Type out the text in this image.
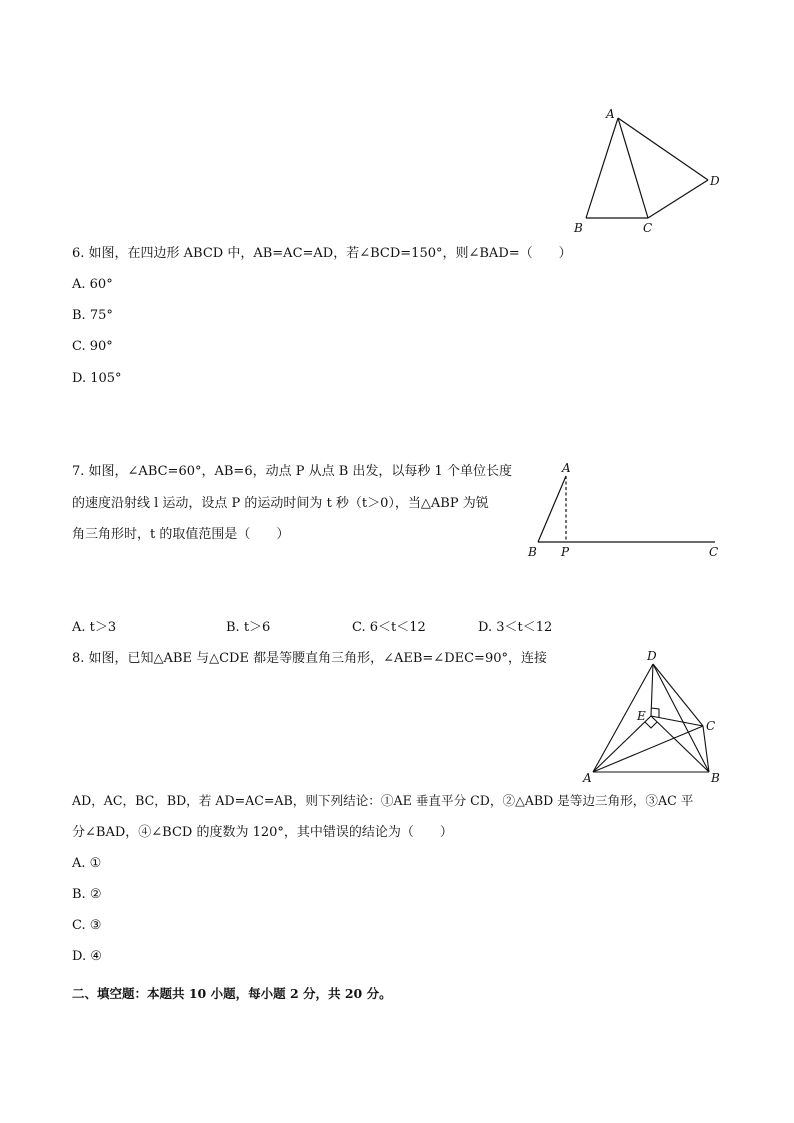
A
B	C
D
6. 如图，在四边形 ABCD 中，AB=AC=AD，若∠BCD=150°，则∠BAD=（　　）
A. 60°
B. 75°
C. 90°
D. 105°
7. 如图，∠ABC=60°，AB=6，动点 P 从点 B 出发，以每秒 1 个单位长度
的速度沿射线 l 运动，设点 P 的运动时间为 t 秒（t＞0），当△ABP 为锐
角三角形时，t 的取值范围是（　　）
A
B P	C
A. t＞3	B. t＞6	C. 6＜t＜12	D. 3＜t＜12
8. 如图，已知△ABE 与△CDE 都是等腰直角三角形，∠AEB=∠DEC=90°，连接	D
E
C
A	B
AD，AC，BC，BD，若 AD=AC=AB，则下列结论：①AE 垂直平分 CD，②△ABD 是等边三角形，③AC 平
分∠BAD，④∠BCD 的度数为 120°，其中错误的结论为（　　）
A. ①
B. ②
C. ③
D. ④
二、填空题：本题共 10 小题，每小题 2 分，共 20 分。
